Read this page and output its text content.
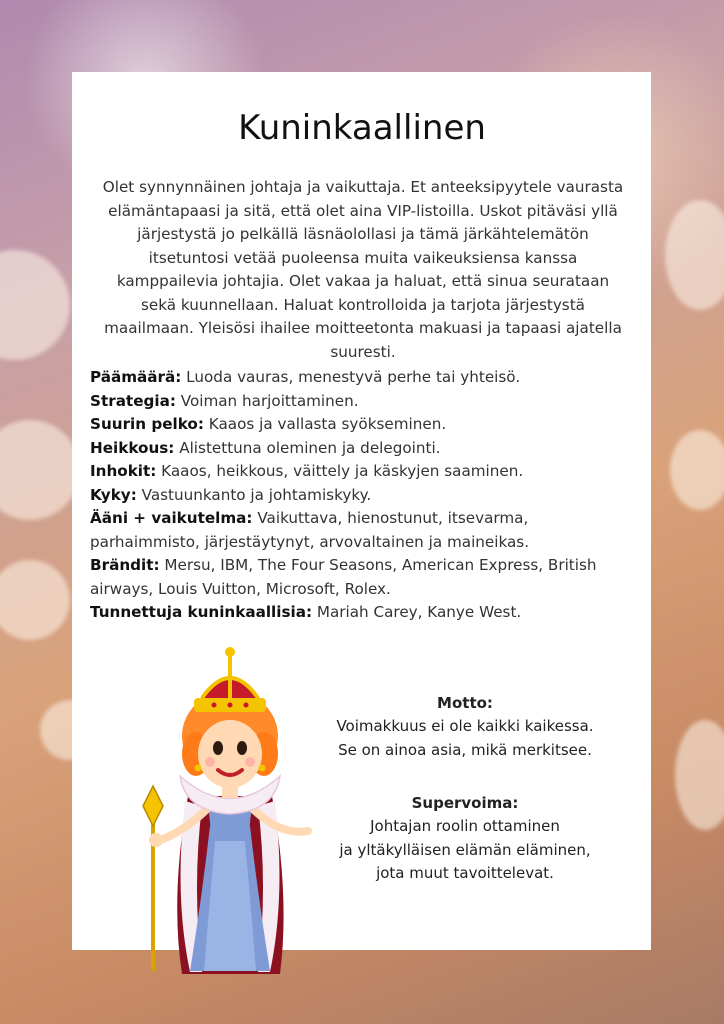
Kuninkaallinen

Olet synnynnäinen johtaja ja vaikuttaja. Et anteeksipyytele vaurasta elämäntapaasi ja sitä, että olet aina VIP-listoilla. Uskot pitäväsi yllä järjestystä jo pelkällä läsnäolollasi ja tämä järkähtelemätön itsetuntosi vetää puoleensa muita vaikeuksiensa kanssa kamppailevia johtajia. Olet vakaa ja haluat, että sinua seurataan sekä kuunnellaan. Haluat kontrolloida ja tarjota järjestystä maailmaan. Yleisösi ihailee moitteetonta makuasi ja tapaasi ajatella suuresti.

Päämäärä: Luoda vauras, menestyvä perhe tai yhteisö.
Strategia: Voiman harjoittaminen.
Suurin pelko: Kaaos ja vallasta syökseminen.
Heikkous: Alistettuna oleminen ja delegointi.
Inhokit: Kaaos, heikkous, väittely ja käskyjen saaminen.
Kyky: Vastuunkanto ja johtamiskyky.
Ääni + vaikutelma: Vaikuttava, hienostunut, itsevarma, parhaimmisto, järjestäytynyt, arvovaltainen ja maineikas.
Brändit: Mersu, IBM, The Four Seasons, American Express, British airways, Louis Vuitton, Microsoft, Rolex.
Tunnettuja kuninkaallisia: Mariah Carey, Kanye West.
Motto:
Voimakkuus ei ole kaikki kaikessa.
Se on ainoa asia, mikä merkitsee.
Supervoima:
Johtajan roolin ottaminen
ja yltäkylläisen elämän eläminen,
jota muut tavoittelevat.
